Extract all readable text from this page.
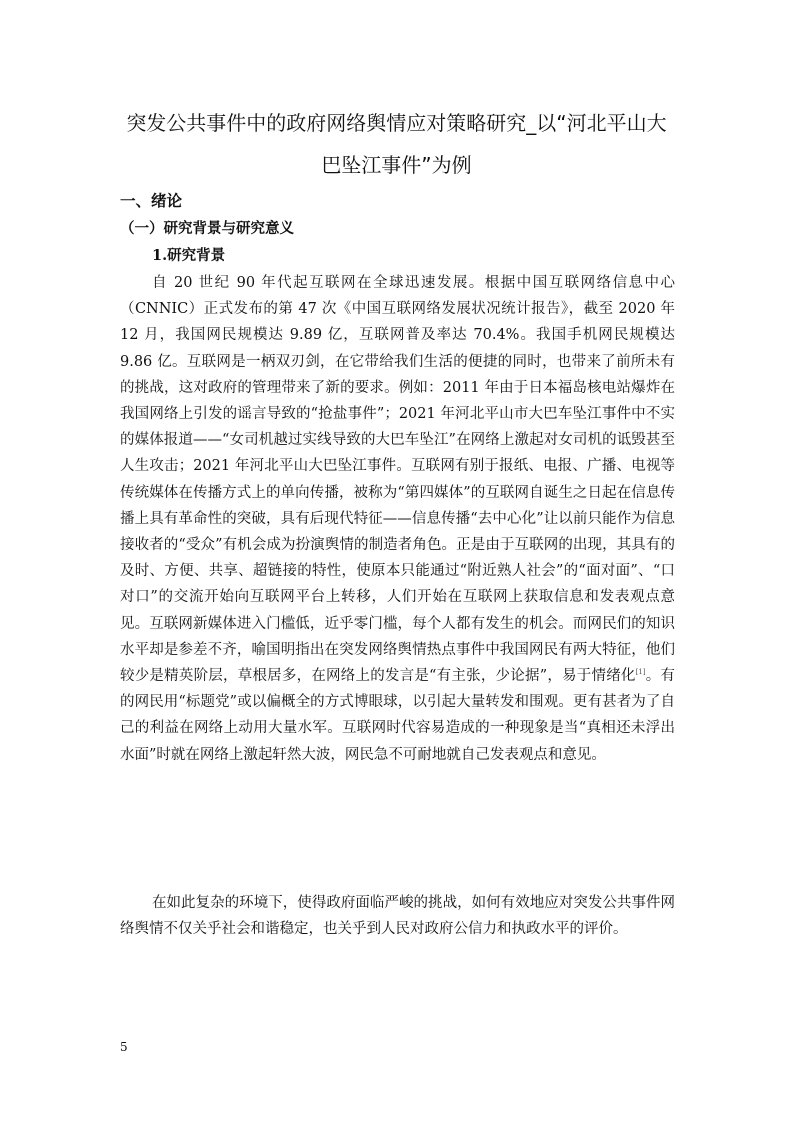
突发公共事件中的政府网络舆情应对策略研究_以“河北平山大巴坠江事件”为例
一、绪论
（一）研究背景与研究意义
1.研究背景

自 20 世纪 90 年代起互联网在全球迅速发展。根据中国互联网络信息中心（CNNIC）正式发布的第 47 次《中国互联网络发展状况统计报告》，截至 2020 年 12 月，我国网民规模达 9.89 亿，互联网普及率达 70.4%。我国手机网民规模达 9.86 亿。互联网是一柄双刃剑，在它带给我们生活的便捷的同时，也带来了前所未有的挑战，这对政府的管理带来了新的要求。例如：2011 年由于日本福岛核电站爆炸在我国网络上引发的谣言导致的“抢盐事件”；2021 年河北平山市大巴车坠江事件中不实的媒体报道——“女司机越过实线导致的大巴车坠江”在网络上激起对女司机的诋毁甚至人生攻击；2021 年河北平山大巴坠江事件。互联网有别于报纸、电报、广播、电视等传统媒体在传播方式上的单向传播，被称为“第四媒体”的互联网自诞生之日起在信息传播上具有革命性的突破，具有后现代特征——信息传播“去中心化”让以前只能作为信息接收者的“受众”有机会成为扮演舆情的制造者角色。正是由于互联网的出现，其具有的及时、方便、共享、超链接的特性，使原本只能通过“附近熟人社会”的“面对面”、“口对口”的交流开始向互联网平台上转移，人们开始在互联网上获取信息和发表观点意见。互联网新媒体进入门槛低，近乎零门槛，每个人都有发生的机会。而网民们的知识水平却是参差不齐，喻国明指出在突发网络舆情热点事件中我国网民有两大特征，他们较少是精英阶层，草根居多，在网络上的发言是“有主张，少论据”，易于情绪化[1]。有的网民用“标题党”或以偏概全的方式博眼球，以引起大量转发和围观。更有甚者为了自己的利益在网络上动用大量水军。互联网时代容易造成的一种现象是当“真相还未浮出水面”时就在网络上激起轩然大波，网民急不可耐地就自己发表观点和意见。

在如此复杂的环境下，使得政府面临严峻的挑战，如何有效地应对突发公共事件网络舆情不仅关乎社会和谐稳定，也关乎到人民对政府公信力和执政水平的评价。

5
